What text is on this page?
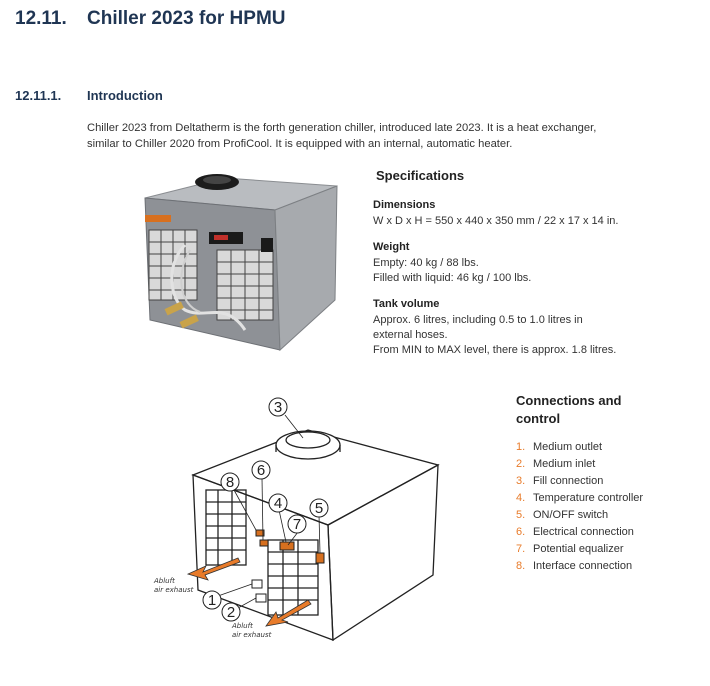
12.11. Chiller 2023 for HPMU
12.11.1. Introduction
Chiller 2023 from Deltatherm is the forth generation chiller, introduced late 2023. It is a heat exchanger,
similar to Chiller 2020 from ProfiCool. It is equipped with an internal, automatic heater.
Specifications
Dimensions
W x D x H = 550 x 440 x 350 mm / 22 x 17 x 14 in.
Weight
Empty: 40 kg / 88 lbs.
Filled with liquid: 46 kg / 100 lbs.
Tank volume
Approx. 6 litres, including 0.5 to 1.0 litres in
external hoses.
From MIN to MAX level, there is approx. 1.8 litres.
3
8
6
4 5
7
1
2
Abluft
air exhaust
Abluft
air exhaust
Connections and
control
1. Medium outlet
2. Medium inlet
3. Fill connection
4. Temperature controller
5. ON/OFF switch
6. Electrical connection
7. Potential equalizer
8. Interface connection
